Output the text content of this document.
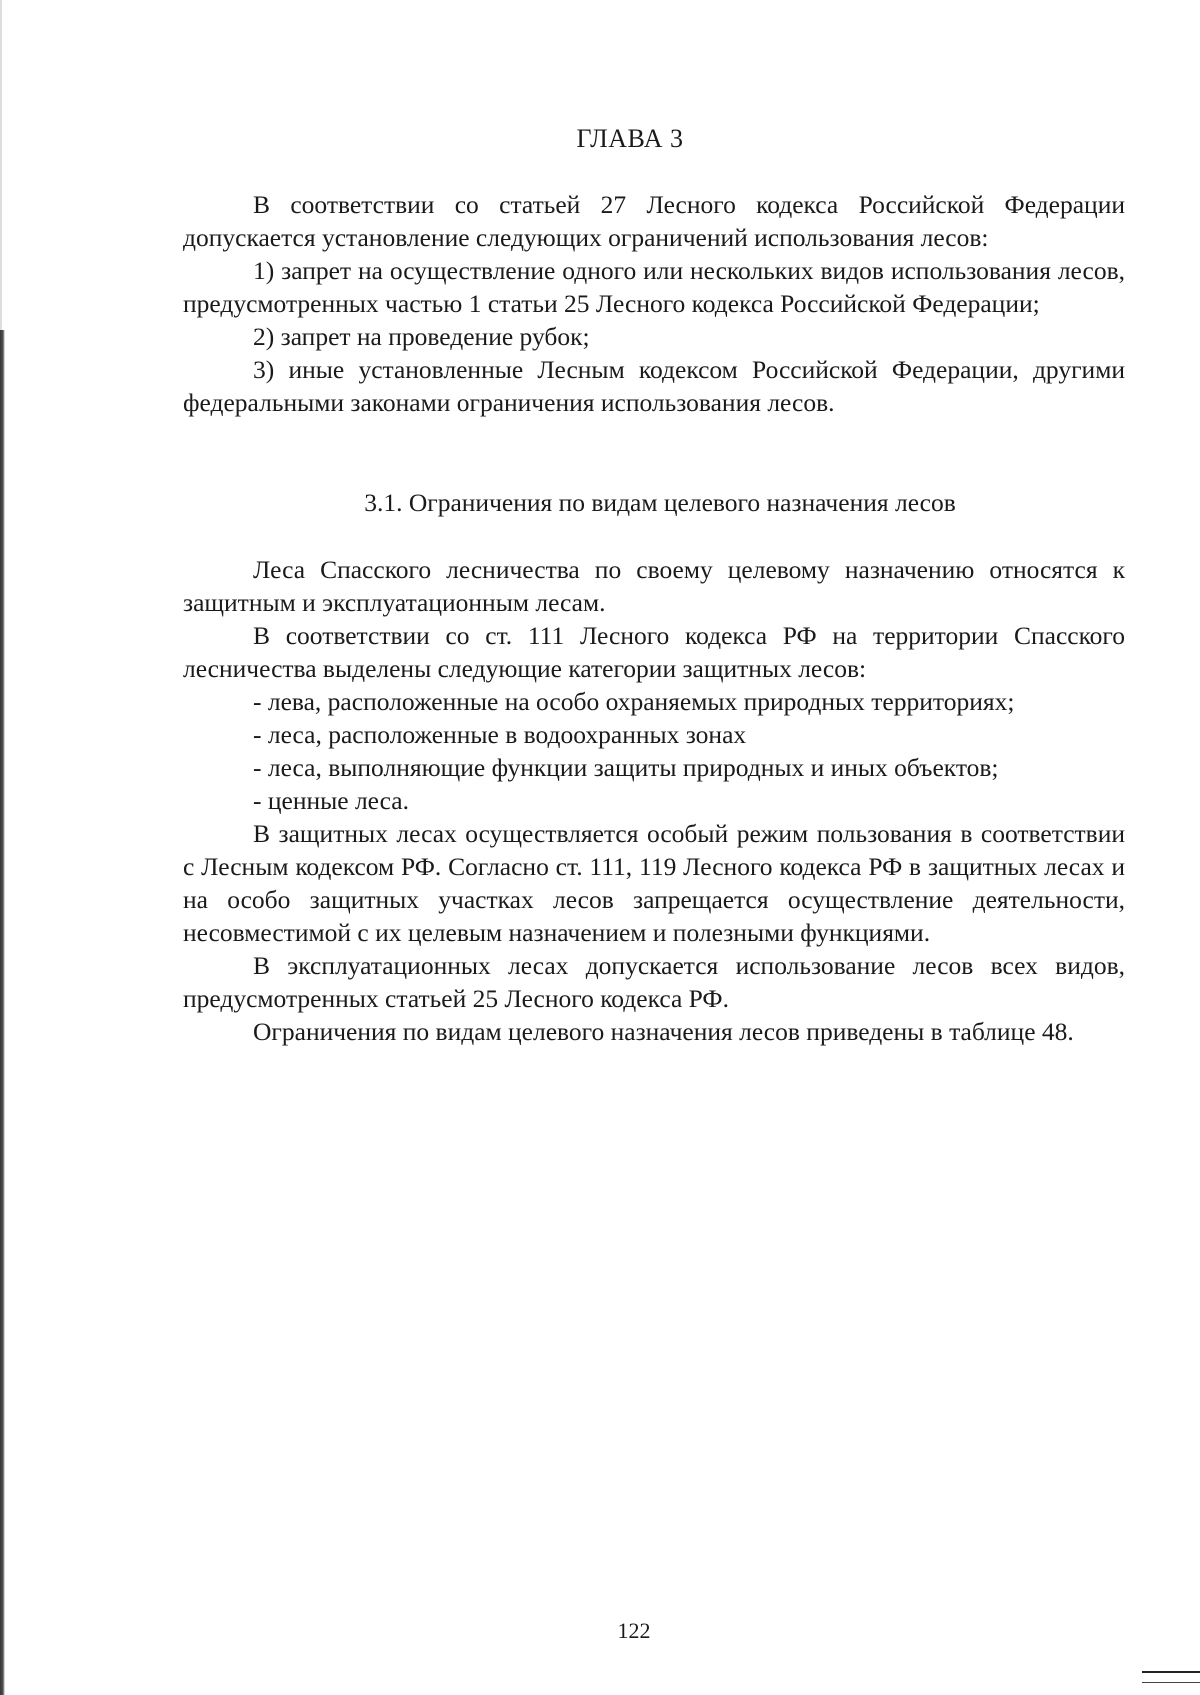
ГЛАВА 3

В соответствии со статьей 27 Лесного кодекса Российской Федерации допускается установление следующих ограничений использования лесов:

1) запрет на осуществление одного или нескольких видов использования лесов, предусмотренных частью 1 статьи 25 Лесного кодекса Российской Федерации;

2) запрет на проведение рубок;

3) иные установленные Лесным кодексом Российской Федерации, другими федеральными законами ограничения использования лесов.

3.1. Ограничения по видам целевого назначения лесов

Леса Спасского лесничества по своему целевому назначению относятся к защитным и эксплуатационным лесам.

В соответствии со ст. 111 Лесного кодекса РФ на территории Спасского лесничества выделены следующие категории защитных лесов:

- лева, расположенные на особо охраняемых природных территориях;

- леса, расположенные в водоохранных зонах

- леса, выполняющие функции защиты природных и иных объектов;

- ценные леса.

В защитных лесах осуществляется особый режим пользования в соответствии с Лесным кодексом РФ. Согласно ст. 111, 119 Лесного кодекса РФ в защитных лесах и на особо защитных участках лесов запрещается осуществление деятельности, несовместимой с их целевым назначением и полезными функциями.

В эксплуатационных лесах допускается использование лесов всех видов, предусмотренных статьей 25 Лесного кодекса РФ.

Ограничения по видам целевого назначения лесов приведены в таблице 48.

122
